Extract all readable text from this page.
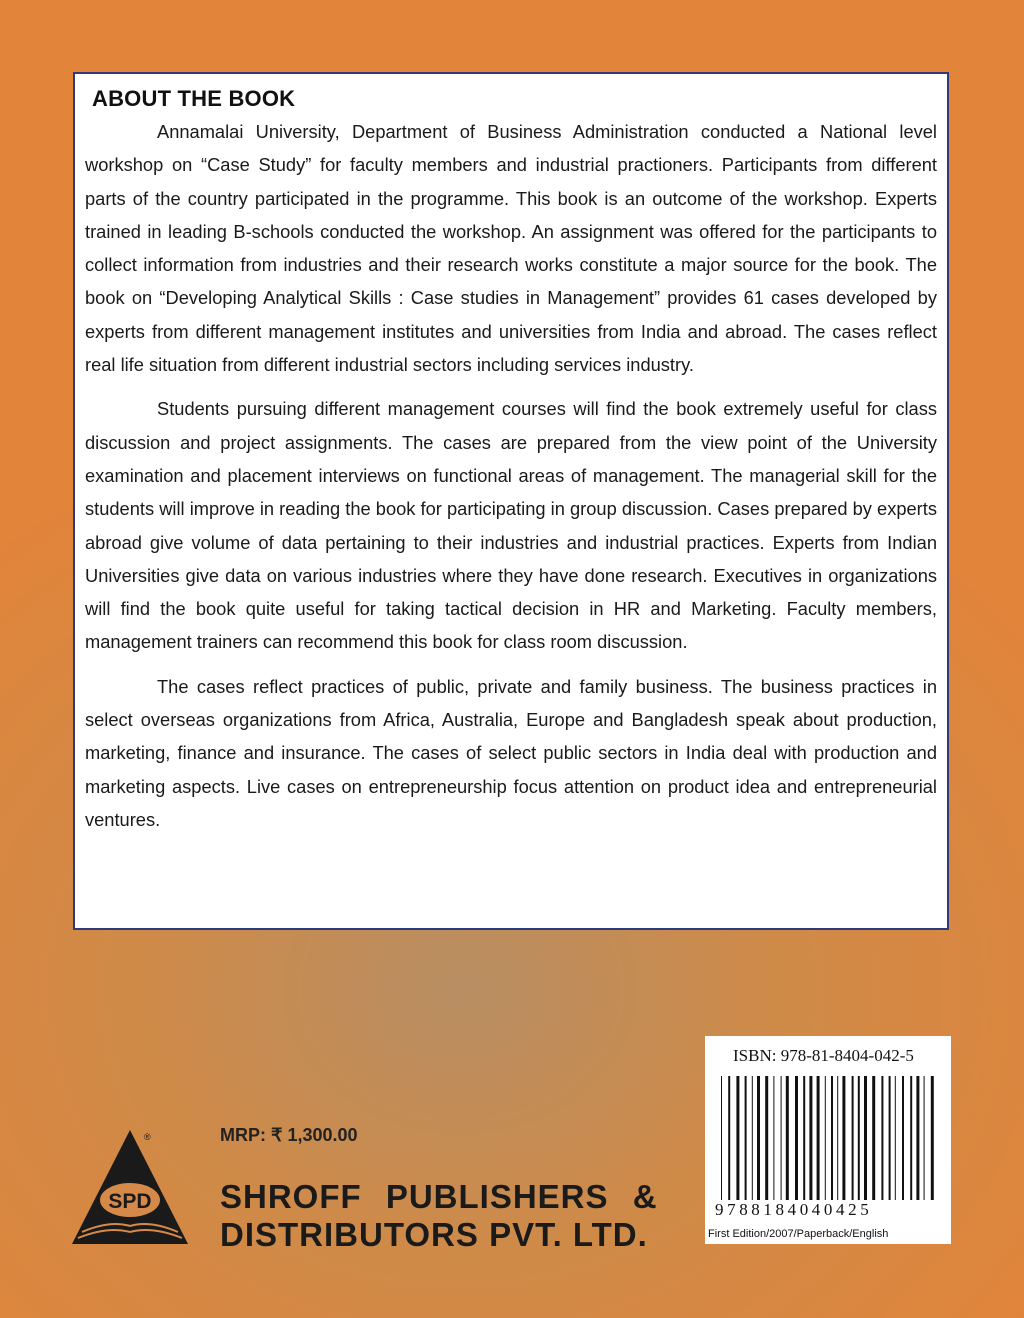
ABOUT THE BOOK

Annamalai University, Department of Business Administration conducted a National level workshop on “Case Study” for faculty members and industrial practioners. Participants from different parts of the country participated in the programme. This book is an outcome of the workshop. Experts trained in leading B-schools conducted the workshop. An assignment was offered for the participants to collect information from industries and their research works constitute a major source for the book. The book on “Developing Analytical Skills : Case studies in Management” provides 61 cases developed by experts from different management institutes and universities from India and abroad. The cases reflect real life situation from different industrial sectors including services industry.

Students pursuing different management courses will find the book extremely useful for class discussion and project assignments. The cases are prepared from the view point of the University examination and placement interviews on functional areas of management. The managerial skill for the students will improve in reading the book for participating in group discussion. Cases prepared by experts abroad give volume of data pertaining to their industries and industrial practices. Experts from Indian Universities give data on various industries where they have done research. Executives in organizations will find the book quite useful for taking tactical decision in HR and Marketing. Faculty members, management trainers can recommend this book for class room discussion.

The cases reflect practices of public, private and family business. The business practices in select overseas organizations from Africa, Australia, Europe and Bangladesh speak about production, marketing, finance and insurance. The cases of select public sectors in India deal with production and marketing aspects. Live cases on entrepreneurship focus attention on product idea and entrepreneurial ventures.

SPD
®	MRP: ₹ 1,300.00
SHROFF PUBLISHERS &
DISTRIBUTORS PVT. LTD.
ISBN: 978-81-8404-042-5
9788184040425
First Edition/2007/Paperback/English
